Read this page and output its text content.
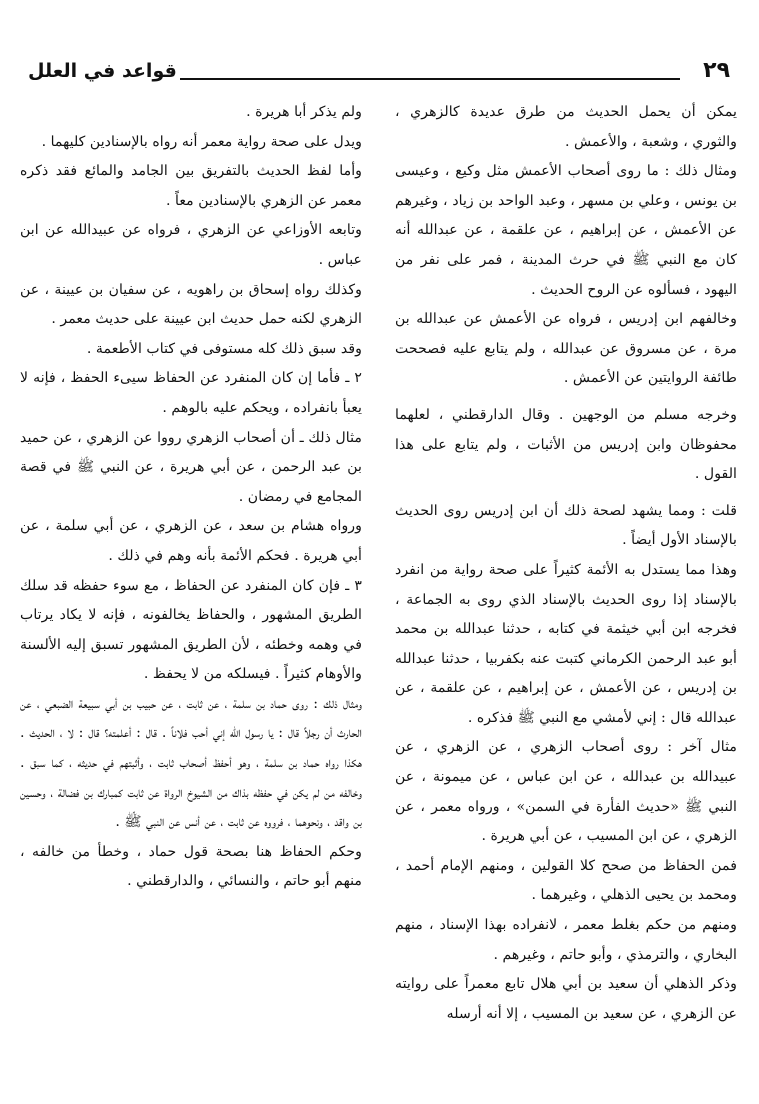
٢٩
قواعد في العلل

يمكن أن يحمل الحديث من طرق عديدة كالزهري ، والثوري ، وشعبة ، والأعمش .

ومثال ذلك : ما روى أصحاب الأعمش مثل وكيع ، وعيسى بن يونس ، وعلي بن مسهر ، وعبد الواحد بن زياد ، وغيرهم عن الأعمش ، عن إبراهيم ، عن علقمة ، عن عبدالله أنه كان مع النبي ﷺ في حرث المدينة ، فمر على نفر من اليهود ، فسألوه عن الروح الحديث .

وخالفهم ابن إدريس ، فرواه عن الأعمش عن عبدالله بن مرة ، عن مسروق عن عبدالله ، ولم يتابع عليه فصححت طائفة الروايتين عن الأعمش .

وخرجه مسلم من الوجهين . وقال الدارقطني ، لعلهما محفوظان وابن إدريس من الأثبات ، ولم يتابع على هذا القول .

قلت : ومما يشهد لصحة ذلك أن ابن إدريس روى الحديث بالإسناد الأول أيضاً .

وهذا مما يستدل به الأئمة كثيراً على صحة رواية من انفرد بالإسناد إذا روى الحديث بالإسناد الذي روى به الجماعة ، فخرجه ابن أبي خيثمة في كتابه ، حدثنا عبدالله بن محمد أبو عبد الرحمن الكرماني كتبت عنه بكفربيا ، حدثنا عبدالله بن إدريس ، عن الأعمش ، عن إبراهيم ، عن علقمة ، عن عبدالله قال : إني لأمشي مع النبي ﷺ فذكره .

مثال آخر : روى أصحاب الزهري ، عن الزهري ، عن عبيدالله بن عبدالله ، عن ابن عباس ، عن ميمونة ، عن النبي ﷺ «حديث الفأرة في السمن» ، ورواه معمر ، عن الزهري ، عن ابن المسيب ، عن أبي هريرة .

فمن الحفاظ من صحح كلا القولين ، ومنهم الإمام أحمد ، ومحمد بن يحيى الذهلي ، وغيرهما .

ومنهم من حكم بغلط معمر ، لانفراده بهذا الإسناد ، منهم البخاري ، والترمذي ، وأبو حاتم ، وغيرهم .

وذكر الذهلي أن سعيد بن أبي هلال تابع معمراً على روايته عن الزهري ، عن سعيد بن المسيب ، إلا أنه أرسله

ولم يذكر أبا هريرة .

ويدل على صحة رواية معمر أنه رواه بالإسنادين كليهما .

وأما لفظ الحديث بالتفريق بين الجامد والمائع فقد ذكره معمر عن الزهري بالإسنادين معاً .

وتابعه الأوزاعي عن الزهري ، فرواه عن عبيدالله عن ابن عباس .

وكذلك رواه إسحاق بن راهويه ، عن سفيان بن عيينة ، عن الزهري لكنه حمل حديث ابن عيينة على حديث معمر .

وقد سبق ذلك كله مستوفى في كتاب الأطعمة .

٢ ـ فأما إن كان المنفرد عن الحفاظ سيىء الحفظ ، فإنه لا يعبأ بانفراده ، ويحكم عليه بالوهم .

مثال ذلك ـ أن أصحاب الزهري رووا عن الزهري ، عن حميد بن عبد الرحمن ، عن أبي هريرة ، عن النبي ﷺ في قصة المجامع في رمضان .

ورواه هشام بن سعد ، عن الزهري ، عن أبي سلمة ، عن أبي هريرة . فحكم الأئمة بأنه وهم في ذلك .

٣ ـ فإن كان المنفرد عن الحفاظ ، مع سوء حفظه قد سلك الطريق المشهور ، والحفاظ يخالفونه ، فإنه لا يكاد يرتاب في وهمه وخطئه ، لأن الطريق المشهور تسبق إليه الألسنة والأوهام كثيراً . فيسلكه من لا يحفظ .

ومثال ذلك : روى حماد بن سلمة ، عن ثابت ، عن حبيب بن أبي سبيعة الضبعي ، عن الحارث أن رجلاً قال : يا رسول الله إني أحب فلاناً . قال : أعلمته؟ قال : لا ، الحديث . هكذا رواه حماد بن سلمة ، وهو أحفظ أصحاب ثابت ، وأثبتهم في حديثه ، كما سبق . وخالفه من لم يكن في حفظه بذاك من الشيوخ الرواة عن ثابت كمبارك بن فضالة ، وحسين بن واقد ، ونحوهما ، فرووه عن ثابت ، عن أنس عن النبي ﷺ .

وحكم الحفاظ هنا بصحة قول حماد ، وخطأ من خالفه ، منهم أبو حاتم ، والنسائي ، والدارقطني .
